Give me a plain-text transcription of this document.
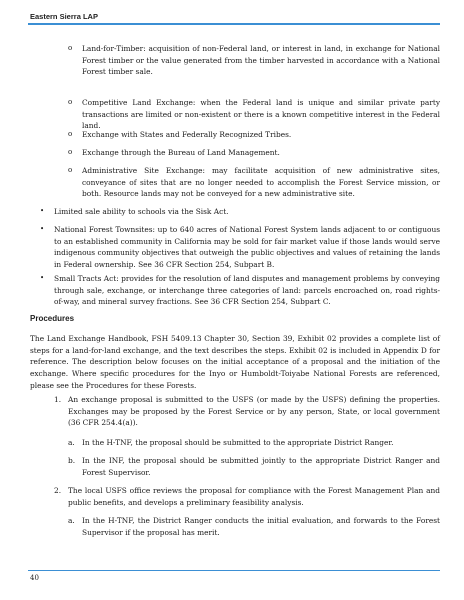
Eastern Sierra LAP
o Land-for-Timber: acquisition of non-Federal land, or interest in land, in exchange for National Forest timber or the value generated from the timber harvested in accordance with a National Forest timber sale.

o Competitive Land Exchange: when the Federal land is unique and similar private party transactions are limited or non-existent or there is a known competitive interest in the Federal land.

o Exchange with States and Federally Recognized Tribes.

o Exchange through the Bureau of Land Management.

o Administrative Site Exchange: may facilitate acquisition of new administrative sites, conveyance of sites that are no longer needed to accomplish the Forest Service mission, or both. Resource lands may not be conveyed for a new administrative site.

• Limited sale ability to schools via the Sisk Act.

• National Forest Townsites: up to 640 acres of National Forest System lands adjacent to or contiguous to an established community in California may be sold for fair market value if those lands would serve indigenous community objectives that outweigh the public objectives and values of retaining the lands in Federal ownership. See 36 CFR Section 254, Subpart B.

• Small Tracts Act: provides for the resolution of land disputes and management problems by conveying through sale, exchange, or interchange three categories of land: parcels encroached on, road rights-of-way, and mineral survey fractions. See 36 CFR Section 254, Subpart C.

Procedures

The Land Exchange Handbook, FSH 5409.13 Chapter 30, Section 39, Exhibit 02 provides a complete list of steps for a land-for-land exchange, and the text describes the steps. Exhibit 02 is included in Appendix D for reference. The description below focuses on the initial acceptance of a proposal and the initiation of the exchange. Where specific procedures for the Inyo or Humboldt-Toiyabe National Forests are referenced, please see the Procedures for these Forests.

1. An exchange proposal is submitted to the USFS (or made by the USFS) defining the properties. Exchanges may be proposed by the Forest Service or by any person, State, or local government (36 CFR 254.4(a)).

a. In the H-TNF, the proposal should be submitted to the appropriate District Ranger.

b. In the INF, the proposal should be submitted jointly to the appropriate District Ranger and Forest Supervisor.

2. The local USFS office reviews the proposal for compliance with the Forest Management Plan and public benefits, and develops a preliminary feasibility analysis.

a. In the H-TNF, the District Ranger conducts the initial evaluation, and forwards to the Forest Supervisor if the proposal has merit.

40
